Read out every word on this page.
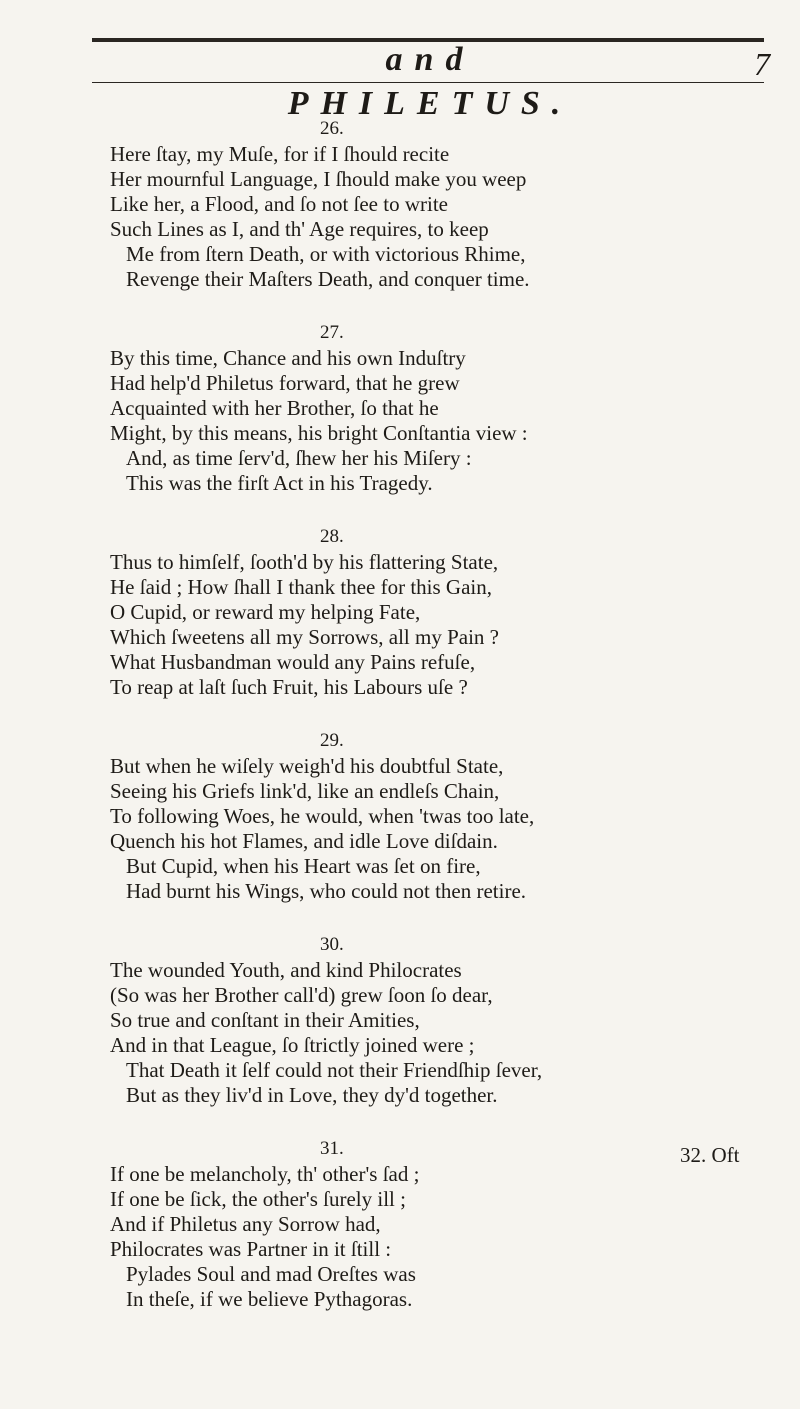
and PHILETUS.
7
26.
Here ſtay, my Muſe, for if I ſhould recite
Her mournful Language, I ſhould make you weep
Like her, a Flood, and ſo not ſee to write
Such Lines as I, and th' Age requires, to keep
Me from ſtern Death, or with victorious Rhime,
Revenge their Maſters Death, and conquer time.
27.
By this time, Chance and his own Induſtry
Had help'd Philetus forward, that he grew
Acquainted with her Brother, ſo that he
Might, by this means, his bright Conſtantia view :
And, as time ſerv'd, ſhew her his Miſery :
This was the firſt Act in his Tragedy.
28.
Thus to himſelf, ſooth'd by his flattering State,
He ſaid ; How ſhall I thank thee for this Gain,
O Cupid, or reward my helping Fate,
Which ſweetens all my Sorrows, all my Pain ?
What Husbandman would any Pains refuſe,
To reap at laſt ſuch Fruit, his Labours uſe ?
29.
But when he wiſely weigh'd his doubtful State,
Seeing his Griefs link'd, like an endleſs Chain,
To following Woes, he would, when 'twas too late,
Quench his hot Flames, and idle Love diſdain.
But Cupid, when his Heart was ſet on fire,
Had burnt his Wings, who could not then retire.
30.
The wounded Youth, and kind Philocrates
(So was her Brother call'd) grew ſoon ſo dear,
So true and conſtant in their Amities,
And in that League, ſo ſtrictly joined were ;
That Death it ſelf could not their Friendſhip ſever,
But as they liv'd in Love, they dy'd together.
31.
If one be melancholy, th' other's ſad ;
If one be ſick, the other's ſurely ill ;
And if Philetus any Sorrow had,
Philocrates was Partner in it ſtill :
Pylades Soul and mad Oreſtes was
In theſe, if we believe Pythagoras.
32. Oft
